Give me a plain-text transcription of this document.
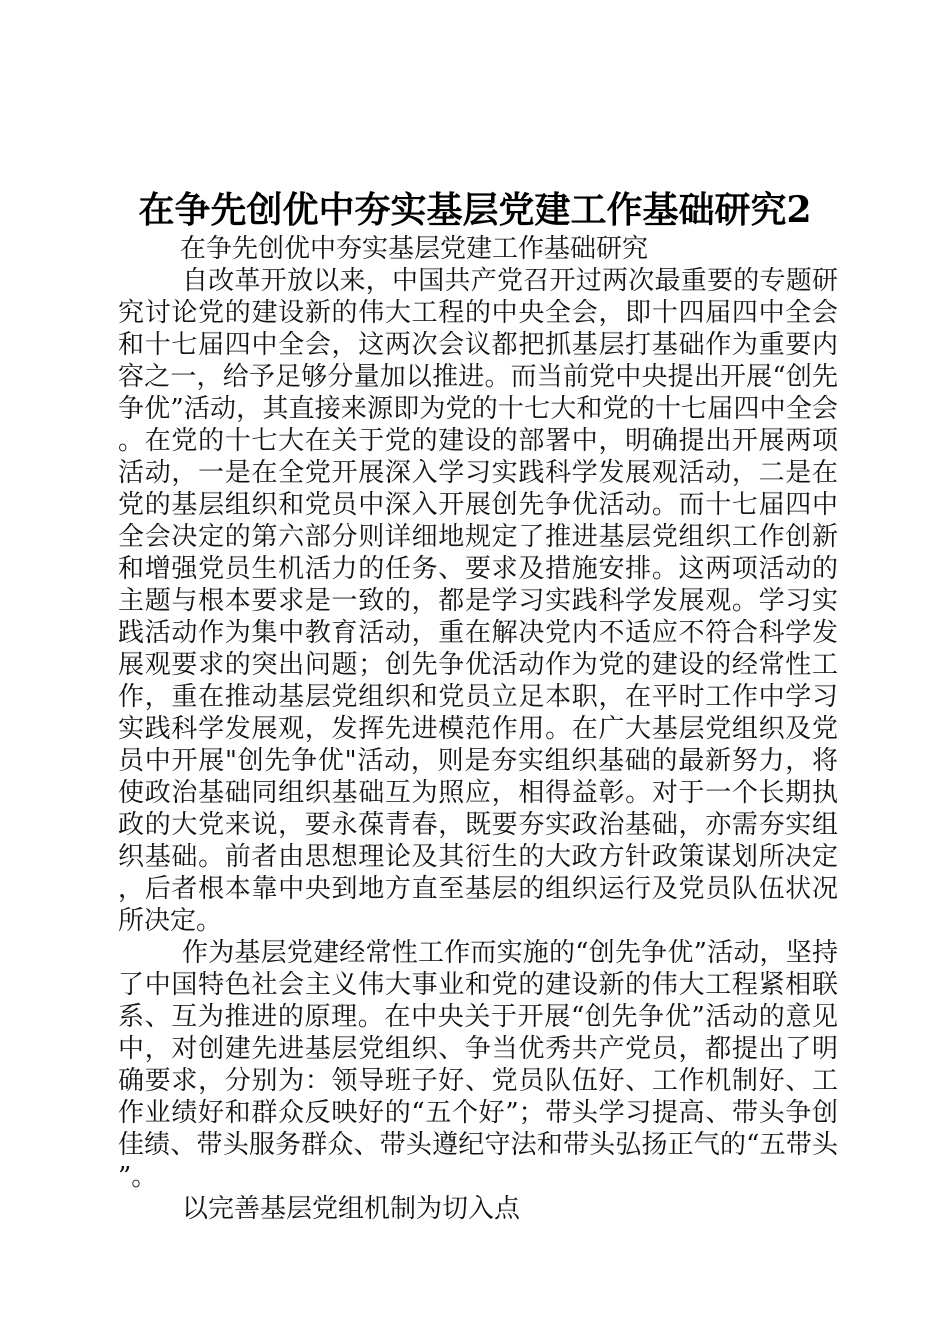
在争先创优中夯实基层党建工作基础研究2

在争先创优中夯实基层党建工作基础研究

自改革开放以来，中国共产党召开过两次最重要的专题研究讨论党的建设新的伟大工程的中央全会，即十四届四中全会和十七届四中全会，这两次会议都把抓基层打基础作为重要内容之一，给予足够分量加以推进。而当前党中央提出开展“创先争优”活动，其直接来源即为党的十七大和党的十七届四中全会。在党的十七大在关于党的建设的部署中，明确提出开展两项活动，一是在全党开展深入学习实践科学发展观活动，二是在党的基层组织和党员中深入开展创先争优活动。而十七届四中全会决定的第六部分则详细地规定了推进基层党组织工作创新和增强党员生机活力的任务、要求及措施安排。这两项活动的主题与根本要求是一致的，都是学习实践科学发展观。学习实践活动作为集中教育活动，重在解决党内不适应不符合科学发展观要求的突出问题；创先争优活动作为党的建设的经常性工作，重在推动基层党组织和党员立足本职，在平时工作中学习实践科学发展观，发挥先进模范作用。在广大基层党组织及党员中开展"创先争优"活动，则是夯实组织基础的最新努力，将使政治基础同组织基础互为照应，相得益彰。对于一个长期执政的大党来说，要永葆青春，既要夯实政治基础，亦需夯实组织基础。前者由思想理论及其衍生的大政方针政策谋划所决定，后者根本靠中央到地方直至基层的组织运行及党员队伍状况所决定。

作为基层党建经常性工作而实施的“创先争优”活动，坚持了中国特色社会主义伟大事业和党的建设新的伟大工程紧相联系、互为推进的原理。在中央关于开展“创先争优”活动的意见中，对创建先进基层党组织、争当优秀共产党员，都提出了明确要求，分别为：领导班子好、党员队伍好、工作机制好、工作业绩好和群众反映好的“五个好”；带头学习提高、带头争创佳绩、带头服务群众、带头遵纪守法和带头弘扬正气的“五带头”。

以完善基层党组机制为切入点
